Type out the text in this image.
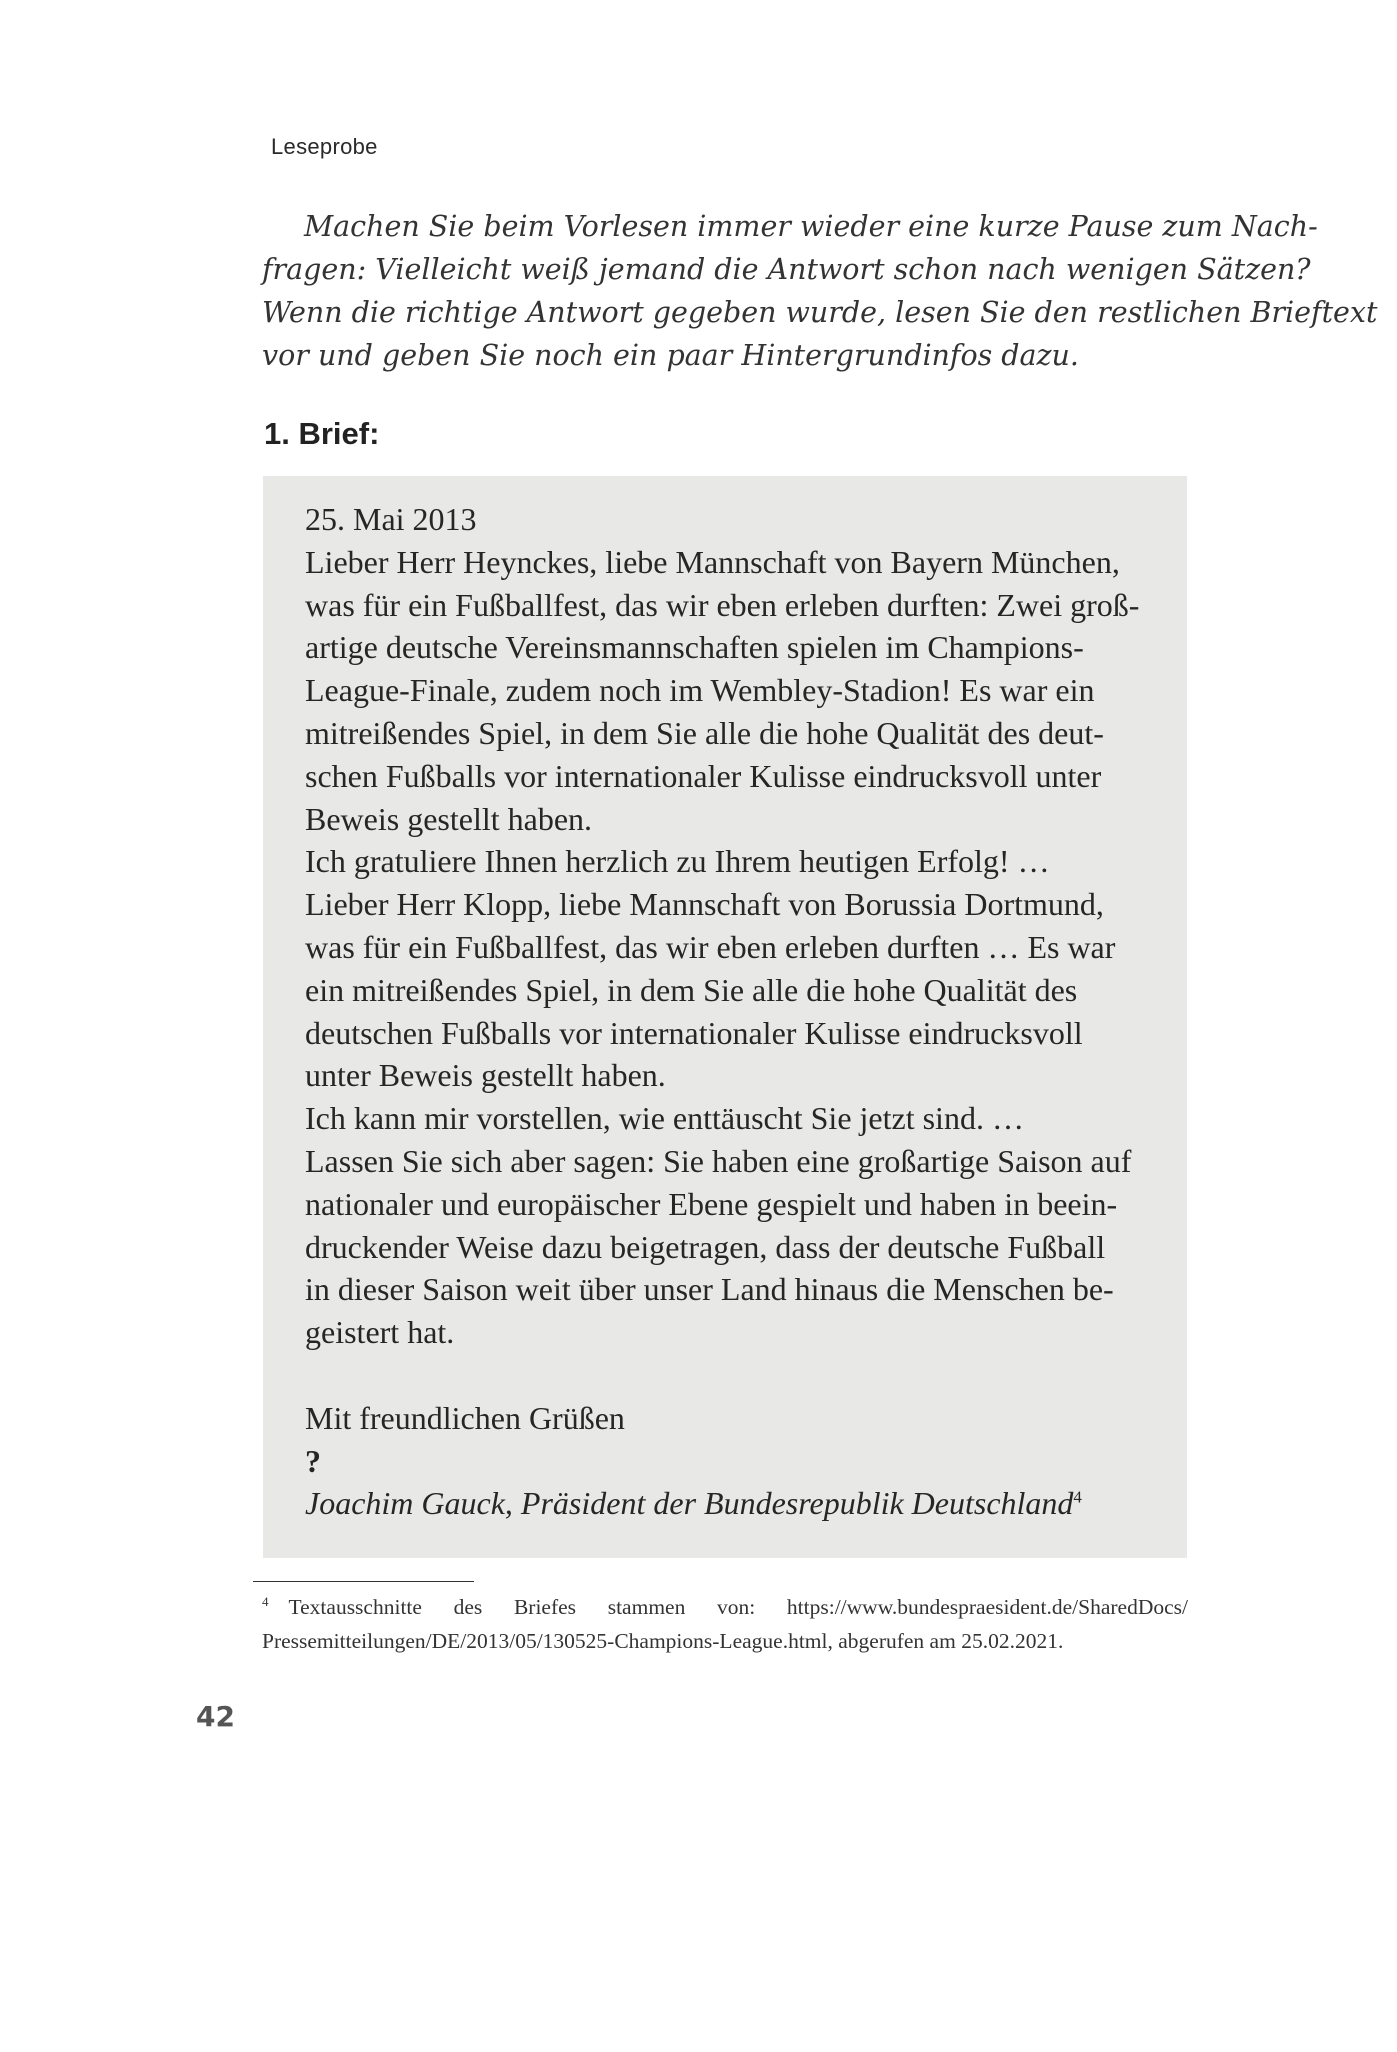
Leseprobe
Machen Sie beim Vorlesen immer wieder eine kurze Pause zum Nach-
fragen: Vielleicht weiß jemand die Antwort schon nach wenigen Sätzen?
Wenn die richtige Antwort gegeben wurde, lesen Sie den restlichen Brieftext
vor und geben Sie noch ein paar Hintergrundinfos dazu.
1. Brief:
25. Mai 2013
Lieber Herr Heynckes, liebe Mannschaft von Bayern München,
was für ein Fußballfest, das wir eben erleben durften: Zwei groß-
artige deutsche Vereinsmannschaften spielen im Champions-
League-Finale, zudem noch im Wembley-Stadion! Es war ein
mitreißendes Spiel, in dem Sie alle die hohe Qualität des deut-
schen Fußballs vor internationaler Kulisse eindrucksvoll unter
Beweis gestellt haben.
Ich gratuliere Ihnen herzlich zu Ihrem heutigen Erfolg! …
Lieber Herr Klopp, liebe Mannschaft von Borussia Dortmund,
was für ein Fußballfest, das wir eben erleben durften … Es war
ein mitreißendes Spiel, in dem Sie alle die hohe Qualität des
deutschen Fußballs vor internationaler Kulisse eindrucksvoll
unter Beweis gestellt haben.
Ich kann mir vorstellen, wie enttäuscht Sie jetzt sind. …
Lassen Sie sich aber sagen: Sie haben eine großartige Saison auf
nationaler und europäischer Ebene gespielt und haben in beein-
druckender Weise dazu beigetragen, dass der deutsche Fußball
in dieser Saison weit über unser Land hinaus die Menschen be-
geistert hat.
Mit freundlichen Grüßen
?
Joachim Gauck, Präsident der Bundesrepublik Deutschland$^4$
$^4$ Textausschnitte des Briefes stammen von: https://www.bundespraesident.de/SharedDocs/
Pressemitteilungen/DE/2013/05/130525-Champions-League.html, abgerufen am 25.02.2021.
42
